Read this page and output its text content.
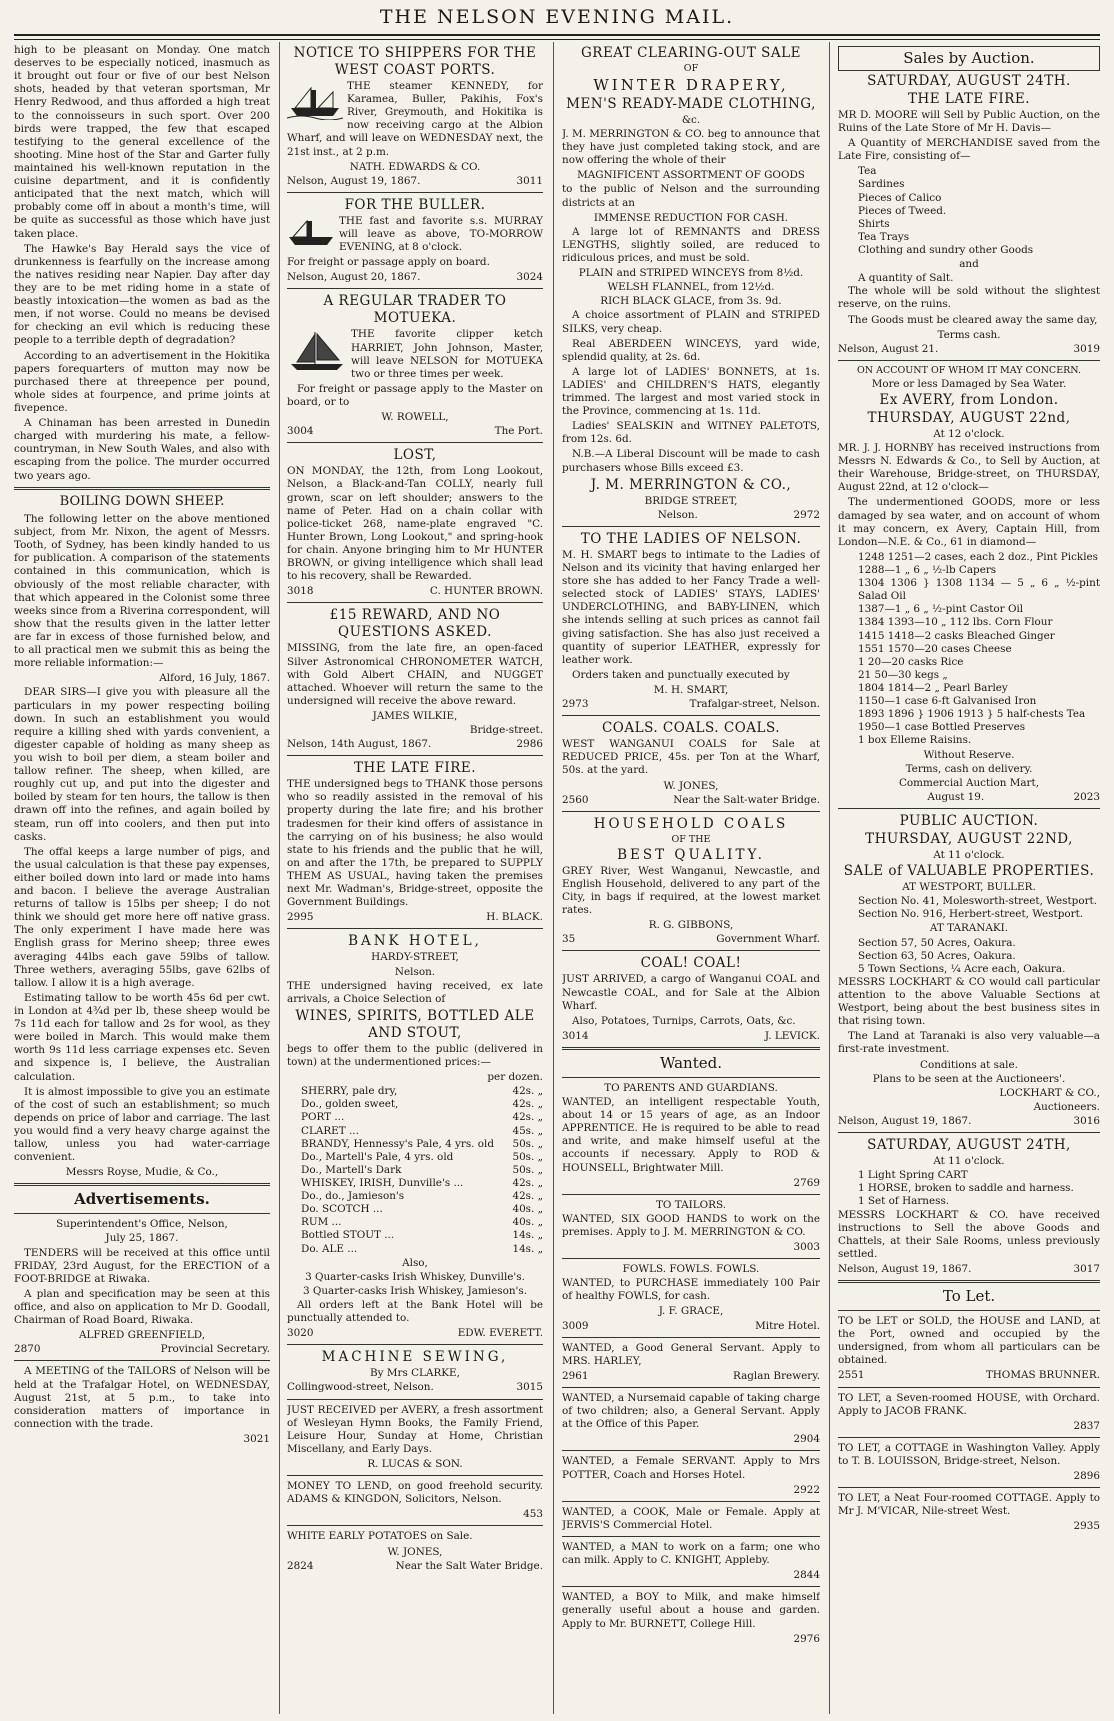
THE NELSON EVENING MAIL.

high to be pleasant on Monday. One match deserves to be especially noticed, inasmuch as it brought out four or five of our best Nelson shots, headed by that veteran sportsman, Mr Henry Redwood, and thus afforded a high treat to the connoisseurs in such sport. Over 200 birds were trapped, the few that escaped testifying to the general excellence of the shooting. Mine host of the Star and Garter fully maintained his well-known reputation in the cuisine department, and it is confidently anticipated that the next match, which will probably come off in about a month's time, will be quite as successful as those which have just taken place.

The Hawke's Bay Herald says the vice of drunkenness is fearfully on the increase among the natives residing near Napier. Day after day they are to be met riding home in a state of beastly intoxication—the women as bad as the men, if not worse. Could no means be devised for checking an evil which is reducing these people to a terrible depth of degradation?

According to an advertisement in the Hokitika papers forequarters of mutton may now be purchased there at threepence per pound, whole sides at fourpence, and prime joints at fivepence.

A Chinaman has been arrested in Dunedin charged with murdering his mate, a fellow-countryman, in New South Wales, and also with escaping from the police. The murder occurred two years ago.

BOILING DOWN SHEEP.

The following letter on the above mentioned subject, from Mr. Nixon, the agent of Messrs. Tooth, of Sydney, has been kindly handed to us for publication. A comparison of the statements contained in this communication, which is obviously of the most reliable character, with that which appeared in the Colonist some three weeks since from a Riverina correspondent, will show that the results given in the latter letter are far in excess of those furnished below, and to all practical men we submit this as being the more reliable information:—

Alford, 16 July, 1867.

DEAR SIRS—I give you with pleasure all the particulars in my power respecting boiling down. In such an establishment you would require a killing shed with yards convenient, a digester capable of holding as many sheep as you wish to boil per diem, a steam boiler and tallow refiner. The sheep, when killed, are roughly cut up, and put into the digester and boiled by steam for ten hours, the tallow is then drawn off into the refines, and again boiled by steam, run off into coolers, and then put into casks.

The offal keeps a large number of pigs, and the usual calculation is that these pay expenses, either boiled down into lard or made into hams and bacon. I believe the average Australian returns of tallow is 15lbs per sheep; I do not think we should get more here off native grass. The only experiment I have made here was English grass for Merino sheep; three ewes averaging 44lbs each gave 59lbs of tallow. Three wethers, averaging 55lbs, gave 62lbs of tallow. I allow it is a high average.

Estimating tallow to be worth 45s 6d per cwt. in London at 4¾d per lb, these sheep would be 7s 11d each for tallow and 2s for wool, as they were boiled in March. This would make them worth 9s 11d less carriage expenses etc. Seven and sixpence is, I believe, the Australian calculation.

It is almost impossible to give you an estimate of the cost of such an establishment; so much depends on price of labor and carriage. The last you would find a very heavy charge against the tallow, unless you had water-carriage convenient.

Messrs Royse, Mudie, & Co.,
Advertisements.
Superintendent's Office, Nelson,
July 25, 1867.

TENDERS will be received at this office until FRIDAY, 23rd August, for the ERECTION of a FOOT-BRIDGE at Riwaka.

A plan and specification may be seen at this office, and also on application to Mr D. Goodall, Chairman of Road Board, Riwaka.

ALFRED GREENFIELD,
2870	Provincial Secretary.

A MEETING of the TAILORS of Nelson will be held at the Trafalgar Hotel, on WEDNESDAY, August 21st, at 5 p.m., to take into consideration matters of importance in connection with the trade.

3021
NOTICE TO SHIPPERS FOR THE WEST COAST PORTS.

THE steamer KENNEDY, for Karamea, Buller, Pakihis, Fox's River, Greymouth, and Hokitika is now receiving cargo at the Albion Wharf, and will leave on WEDNESDAY next, the 21st inst., at 2 p.m.

NATH. EDWARDS & CO.
Nelson, August 19, 1867.	3011
FOR THE BULLER.

THE fast and favorite s.s. MURRAY will leave as above, TO-MORROW EVENING, at 8 o'clock.

For freight or passage apply on board.

Nelson, August 20, 1867.	3024
A REGULAR TRADER TO MOTUEKA.

THE favorite clipper ketch HARRIET, John Johnson, Master, will leave NELSON for MOTUEKA two or three times per week.

For freight or passage apply to the Master on board, or to

W. ROWELL,
3004	The Port.
LOST,

ON MONDAY, the 12th, from Long Lookout, Nelson, a Black-and-Tan COLLY, nearly full grown, scar on left shoulder; answers to the name of Peter. Had on a chain collar with police-ticket 268, name-plate engraved "C. Hunter Brown, Long Lookout," and spring-hook for chain. Anyone bringing him to Mr HUNTER BROWN, or giving intelligence which shall lead to his recovery, shall be Rewarded.

3018	C. HUNTER BROWN.
£15 REWARD, AND NO QUESTIONS ASKED.

MISSING, from the late fire, an open-faced Silver Astronomical CHRONOMETER WATCH, with Gold Albert CHAIN, and NUGGET attached. Whoever will return the same to the undersigned will receive the above reward.

JAMES WILKIE,
Bridge-street.
Nelson, 14th August, 1867.	2986
THE LATE FIRE.

THE undersigned begs to THANK those persons who so readily assisted in the removal of his property during the late fire; and his brother tradesmen for their kind offers of assistance in the carrying on of his business; he also would state to his friends and the public that he will, on and after the 17th, be prepared to SUPPLY THEM AS USUAL, having taken the premises next Mr. Wadman's, Bridge-street, opposite the Government Buildings.

2995	H. BLACK.
BANK HOTEL,
HARDY-STREET,
Nelson.

THE undersigned having received, ex late arrivals, a Choice Selection of

WINES, SPIRITS, BOTTLED ALE AND STOUT,

begs to offer them to the public (delivered in town) at the undermentioned prices:—

per dozen.
SHERRY, pale dry,	42s. „
Do., golden sweet,	42s. „
PORT ...	42s. „
CLARET ...	45s. „
BRANDY, Hennessy's Pale, 4 yrs. old 50s. „
Do., Martell's Pale, 4 yrs. old	50s. „
Do., Martell's Dark	50s. „
WHISKEY, IRISH, Dunville's ...	42s. „
Do., do., Jamieson's	42s. „
Do. SCOTCH ...	40s. „
RUM ...	40s. „
Bottled STOUT ...	14s. „
Do. ALE ...	14s. „
Also,
3 Quarter-casks Irish Whiskey, Dunville's.
3 Quarter-casks Irish Whiskey, Jamieson's.

All orders left at the Bank Hotel will be punctually attended to.

3020	EDW. EVERETT.
MACHINE SEWING,
By Mrs CLARKE,
Collingwood-street, Nelson.	3015

JUST RECEIVED per AVERY, a fresh assortment of Wesleyan Hymn Books, the Family Friend, Leisure Hour, Sunday at Home, Christian Miscellany, and Early Days.

R. LUCAS & SON.

MONEY TO LEND, on good freehold security. ADAMS & KINGDON, Solicitors, Nelson.

453

WHITE EARLY POTATOES on Sale.

W. JONES,
2824	Near the Salt Water Bridge.
GREAT CLEARING-OUT SALE
OF
WINTER DRAPERY,
MEN'S READY-MADE CLOTHING,
&c.

J. M. MERRINGTON & CO. beg to announce that they have just completed taking stock, and are now offering the whole of their

MAGNIFICENT ASSORTMENT OF GOODS

to the public of Nelson and the surrounding districts at an

IMMENSE REDUCTION FOR CASH.

A large lot of REMNANTS and DRESS LENGTHS, slightly soiled, are reduced to ridiculous prices, and must be sold.

PLAIN and STRIPED WINCEYS from 8½d.
WELSH FLANNEL, from 12½d.
RICH BLACK GLACE, from 3s. 9d.

A choice assortment of PLAIN and STRIPED SILKS, very cheap.

Real ABERDEEN WINCEYS, yard wide, splendid quality, at 2s. 6d.

A large lot of LADIES' BONNETS, at 1s. LADIES' and CHILDREN'S HATS, elegantly trimmed. The largest and most varied stock in the Province, commencing at 1s. 11d.

Ladies' SEALSKIN and WITNEY PALETOTS, from 12s. 6d.

N.B.—A Liberal Discount will be made to cash purchasers whose Bills exceed £3.

J. M. MERRINGTON & CO.,
BRIDGE STREET,
Nelson.	2972
TO THE LADIES OF NELSON.

M. H. SMART begs to intimate to the Ladies of Nelson and its vicinity that having enlarged her store she has added to her Fancy Trade a well-selected stock of LADIES' STAYS, LADIES' UNDERCLOTHING, and BABY-LINEN, which she intends selling at such prices as cannot fail giving satisfaction. She has also just received a quantity of superior LEATHER, expressly for leather work.

Orders taken and punctually executed by

M. H. SMART,
2973	Trafalgar-street, Nelson.
COALS. COALS. COALS.

WEST WANGANUI COALS for Sale at REDUCED PRICE, 45s. per Ton at the Wharf, 50s. at the yard.

W. JONES,
2560	Near the Salt-water Bridge.
HOUSEHOLD COALS
OF THE
BEST QUALITY.

GREY River, West Wanganui, Newcastle, and English Household, delivered to any part of the City, in bags if required, at the lowest market rates.

R. G. GIBBONS,
35	Government Wharf.
COAL! COAL!

JUST ARRIVED, a cargo of Wanganui COAL and Newcastle COAL, and for Sale at the Albion Wharf.

Also, Potatoes, Turnips, Carrots, Oats, &c.

3014	J. LEVICK.
Wanted.
TO PARENTS AND GUARDIANS.

WANTED, an intelligent respectable Youth, about 14 or 15 years of age, as an Indoor APPRENTICE. He is required to be able to read and write, and make himself useful at the accounts if necessary. Apply to ROD & HOUNSELL, Brightwater Mill.

2769
TO TAILORS.

WANTED, SIX GOOD HANDS to work on the premises. Apply to J. M. MERRINGTON & CO.

3003
FOWLS. FOWLS. FOWLS.

WANTED, to PURCHASE immediately 100 Pair of healthy FOWLS, for cash.

J. F. GRACE,
3009	Mitre Hotel.

WANTED, a Good General Servant. Apply to MRS. HARLEY,

2961	Raglan Brewery.

WANTED, a Nursemaid capable of taking charge of two children; also, a General Servant. Apply at the Office of this Paper.

2904

WANTED, a Female SERVANT. Apply to Mrs POTTER, Coach and Horses Hotel.

2922

WANTED, a COOK, Male or Female. Apply at JERVIS'S Commercial Hotel.

WANTED, a MAN to work on a farm; one who can milk. Apply to C. KNIGHT, Appleby.

2844

WANTED, a BOY to Milk, and make himself generally useful about a house and garden. Apply to Mr. BURNETT, College Hill.

2976
Sales by Auction.
SATURDAY, AUGUST 24TH.
THE LATE FIRE.

MR D. MOORE will Sell by Public Auction, on the Ruins of the Late Store of Mr H. Davis—

A Quantity of MERCHANDISE saved from the Late Fire, consisting of—

Tea

Sardines

Pieces of Calico

Pieces of Tweed.

Shirts

Tea Trays

Clothing and sundry other Goods

and

A quantity of Salt.

The whole will be sold without the slightest reserve, on the ruins.

The Goods must be cleared away the same day,

Terms cash.
Nelson, August 21.	3019
ON ACCOUNT OF WHOM IT MAY CONCERN.
More or less Damaged by Sea Water.
Ex AVERY, from London.
THURSDAY, AUGUST 22nd,
At 12 o'clock.

MR. J. J. HORNBY has received instructions from Messrs N. Edwards & Co., to Sell by Auction, at their Warehouse, Bridge-street, on THURSDAY, August 22nd, at 12 o'clock—

The undermentioned GOODS, more or less damaged by sea water, and on account of whom it may concern, ex Avery, Captain Hill, from London—N.E. & Co., 61 in diamond—

1248 1251—2 cases, each 2 doz., Pint Pickles

1288—1 „ 6 „ ½-lb Capers

1304 1306 } 1308 1134 — 5 „ 6 „ ½-pint Salad Oil

1387—1 „ 6 „ ½-pint Castor Oil

1384 1393—10 „ 112 lbs. Corn Flour

1415 1418—2 casks Bleached Ginger

1551 1570—20 cases Cheese

1 20—20 casks Rice

21 50—30 kegs „

1804 1814—2 „ Pearl Barley

1150—1 case 6-ft Galvanised Iron

1893 1896 } 1906 1913 } 5 half-chests Tea

1950—1 case Bottled Preserves

1 box Elleme Raisins.

Without Reserve.
Terms, cash on delivery.
Commercial Auction Mart,
August 19.	2023
PUBLIC AUCTION.
THURSDAY, AUGUST 22ND,
At 11 o'clock.
SALE of VALUABLE PROPERTIES.
AT WESTPORT, BULLER.

Section No. 41, Molesworth-street, Westport.

Section No. 916, Herbert-street, Westport.

AT TARANAKI.

Section 57, 50 Acres, Oakura.

Section 63, 50 Acres, Oakura.

5 Town Sections, ¼ Acre each, Oakura.

MESSRS LOCKHART & CO would call particular attention to the above Valuable Sections at Westport, being about the best business sites in that rising town.

The Land at Taranaki is also very valuable—a first-rate investment.

Conditions at sale.
Plans to be seen at the Auctioneers'.
LOCKHART & CO.,
Auctioneers.
Nelson, August 19, 1867.	3016
SATURDAY, AUGUST 24TH,
At 11 o'clock.

1 Light Spring CART

1 HORSE, broken to saddle and harness.

1 Set of Harness.

MESSRS LOCKHART & CO. have received instructions to Sell the above Goods and Chattels, at their Sale Rooms, unless previously settled.

Nelson, August 19, 1867.	3017
To Let.

TO be LET or SOLD, the HOUSE and LAND, at the Port, owned and occupied by the undersigned, from whom all particulars can be obtained.

2551	THOMAS BRUNNER.

TO LET, a Seven-roomed HOUSE, with Orchard. Apply to JACOB FRANK.

2837

TO LET, a COTTAGE in Washington Valley. Apply to T. B. LOUISSON, Bridge-street, Nelson.

2896

TO LET, a Neat Four-roomed COTTAGE. Apply to Mr J. M'VICAR, Nile-street West.

2935
